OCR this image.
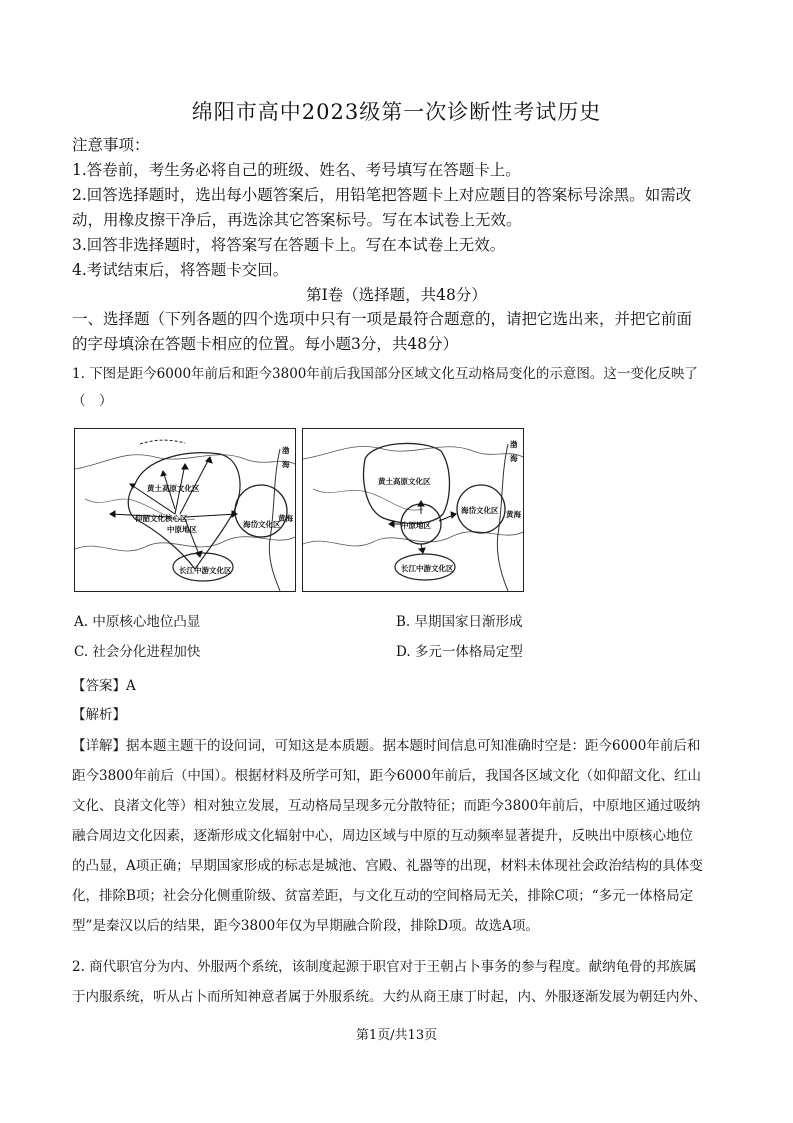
绵阳市高中2023级第一次诊断性考试历史
注意事项：
1.答卷前，考生务必将自己的班级、姓名、考号填写在答题卡上。
2.回答选择题时，选出每小题答案后，用铅笔把答题卡上对应题目的答案标号涂黑。如需改
动，用橡皮擦干净后，再选涂其它答案标号。写在本试卷上无效。
3.回答非选择题时，将答案写在答题卡上。写在本试卷上无效。
4.考试结束后，将答题卡交回。
第Ⅰ卷（选择题，共48分）
一、选择题（下列各题的四个选项中只有一项是最符合题意的，请把它选出来，并把它前面
的字母填涂在答题卡相应的位置。每小题3分，共48分）
1. 下图是距今6000年前后和距今3800年前后我国部分区域文化互动格局变化的示意图。这一变化反映了
（　）
黄土高原文化区
仰韶文化核心区
中原地区
海岱文化区
长江中游文化区
渤
海
黄海
黄土高原文化区
中原地区
海岱文化区
长江中游文化区
渤
海
黄海
A. 中原核心地位凸显	B. 早期国家日渐形成
C. 社会分化进程加快	D. 多元一体格局定型
【答案】A
【解析】
【详解】据本题主题干的设问词，可知这是本质题。据本题时间信息可知准确时空是：距今6000年前后和
距今3800年前后（中国）。根据材料及所学可知，距今6000年前后，我国各区域文化（如仰韶文化、红山
文化、良渚文化等）相对独立发展，互动格局呈现多元分散特征；而距今3800年前后，中原地区通过吸纳
融合周边文化因素，逐渐形成文化辐射中心，周边区域与中原的互动频率显著提升，反映出中原核心地位
的凸显，A项正确；早期国家形成的标志是城池、宫殿、礼器等的出现，材料未体现社会政治结构的具体变
化，排除B项；社会分化侧重阶级、贫富差距，与文化互动的空间格局无关，排除C项；“多元一体格局定
型”是秦汉以后的结果，距今3800年仅为早期融合阶段，排除D项。故选A项。
2. 商代职官分为内、外服两个系统，该制度起源于职官对于王朝占卜事务的参与程度。献纳龟骨的邦族属
于内服系统，听从占卜而所知神意者属于外服系统。大约从商王康丁时起，内、外服逐渐发展为朝廷内外、
第1页/共13页
